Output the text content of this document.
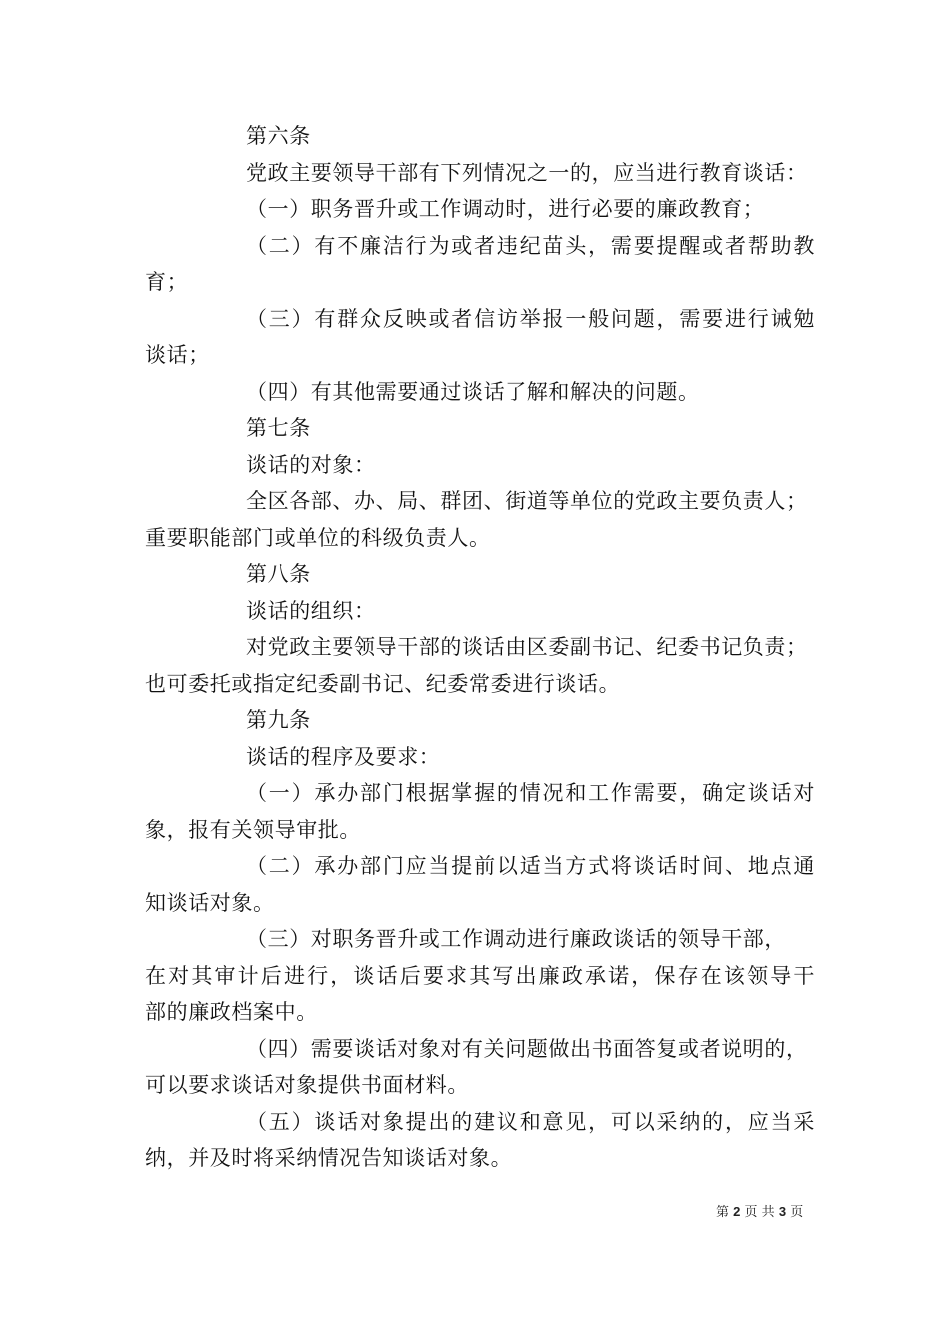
第六条
党政主要领导干部有下列情况之一的，应当进行教育谈话：
（一）职务晋升或工作调动时，进行必要的廉政教育；
（二）有不廉洁行为或者违纪苗头，需要提醒或者帮助教
育；
（三）有群众反映或者信访举报一般问题，需要进行诫勉
谈话；
（四）有其他需要通过谈话了解和解决的问题。
第七条
谈话的对象：
全区各部、办、局、群团、街道等单位的党政主要负责人；
重要职能部门或单位的科级负责人。
第八条
谈话的组织：
对党政主要领导干部的谈话由区委副书记、纪委书记负责；
也可委托或指定纪委副书记、纪委常委进行谈话。
第九条
谈话的程序及要求：
（一）承办部门根据掌握的情况和工作需要，确定谈话对
象，报有关领导审批。
（二）承办部门应当提前以适当方式将谈话时间、地点通
知谈话对象。
（三）对职务晋升或工作调动进行廉政谈话的领导干部，
在对其审计后进行，谈话后要求其写出廉政承诺，保存在该领导干
部的廉政档案中。
（四）需要谈话对象对有关问题做出书面答复或者说明的，
可以要求谈话对象提供书面材料。
（五）谈话对象提出的建议和意见，可以采纳的，应当采
纳，并及时将采纳情况告知谈话对象。
第 2 页 共 3 页
